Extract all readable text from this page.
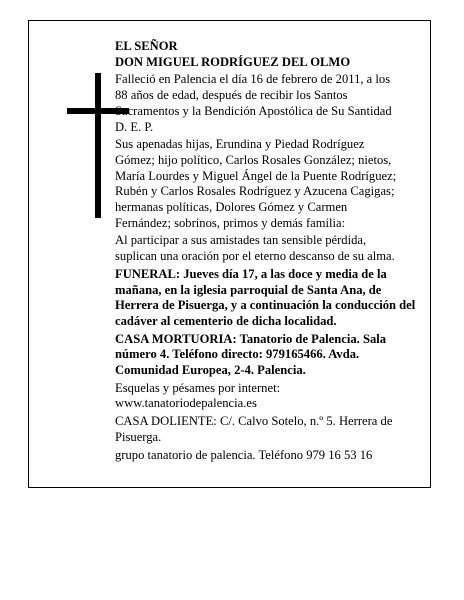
EL SEÑOR
DON MIGUEL RODRÍGUEZ DEL OLMO

Falleció en Palencia el día 16 de febrero de 2011, a los
88 años de edad, después de recibir los Santos
Sacramentos y la Bendición Apostólica de Su Santidad
D. E. P.

Sus apenadas hijas, Erundina y Piedad Rodríguez
Gómez; hijo político, Carlos Rosales González; nietos,
María Lourdes y Miguel Ángel de la Puente Rodríguez;
Rubén y Carlos Rosales Rodríguez y Azucena Cagigas;
hermanas políticas, Dolores Gómez y Carmen
Fernández; sobrinos, primos y demás familia:

Al participar a sus amistades tan sensible pérdida,
suplican una oración por el eterno descanso de su alma.

FUNERAL: Jueves día 17, a las doce y media de la
mañana, en la iglesia parroquial de Santa Ana, de
Herrera de Pisuerga, y a continuación la conducción del
cadáver al cementerio de dicha localidad.

CASA MORTUORIA: Tanatorio de Palencia. Sala
número 4. Teléfono directo: 979165466. Avda.
Comunidad Europea, 2-4. Palencia.

Esquelas y pésames por internet:
www.tanatoriodepalencia.es

CASA DOLIENTE: C/. Calvo Sotelo, n.º 5. Herrera de
Pisuerga.

grupo tanatorio de palencia. Teléfono 979 16 53 16
